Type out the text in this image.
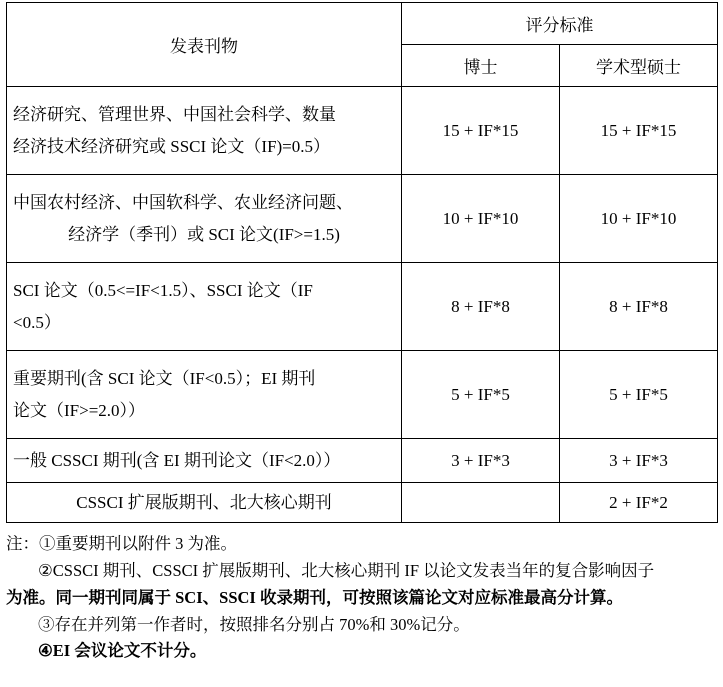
发表刊物	评分标准	
	博士	学术型硕士
经济研究、管理世界、中国社会科学、数量
经济技术经济研究或 SSCI 论文（IF)=0.5）	15 + IF*15	15 + IF*15
中国农村经济、中国软科学、农业经济问题、
经济学（季刊）或 SCI 论文(IF>=1.5)	10 + IF*10	10 + IF*10
SCI 论文（0.5<=IF<1.5）、SSCI 论文（IF
<0.5）	8 + IF*8	8 + IF*8
重要期刊(含 SCI 论文（IF<0.5）；EI 期刊
论文（IF>=2.0））	5 + IF*5	5 + IF*5
一般 CSSCI 期刊(含 EI 期刊论文（IF<2.0））	3 + IF*3	3 + IF*3
CSSCI 扩展版期刊、北大核心期刊		2 + IF*2
注：①重要期刊以附件 3 为准。
②CSSCI 期刊、CSSCI 扩展版期刊、北大核心期刊 IF 以论文发表当年的复合影响因子
为准。同一期刊同属于 SCI、SSCI 收录期刊，可按照该篇论文对应标准最高分计算。
③存在并列第一作者时，按照排名分别占 70%和 30%记分。
④EI 会议论文不计分。
